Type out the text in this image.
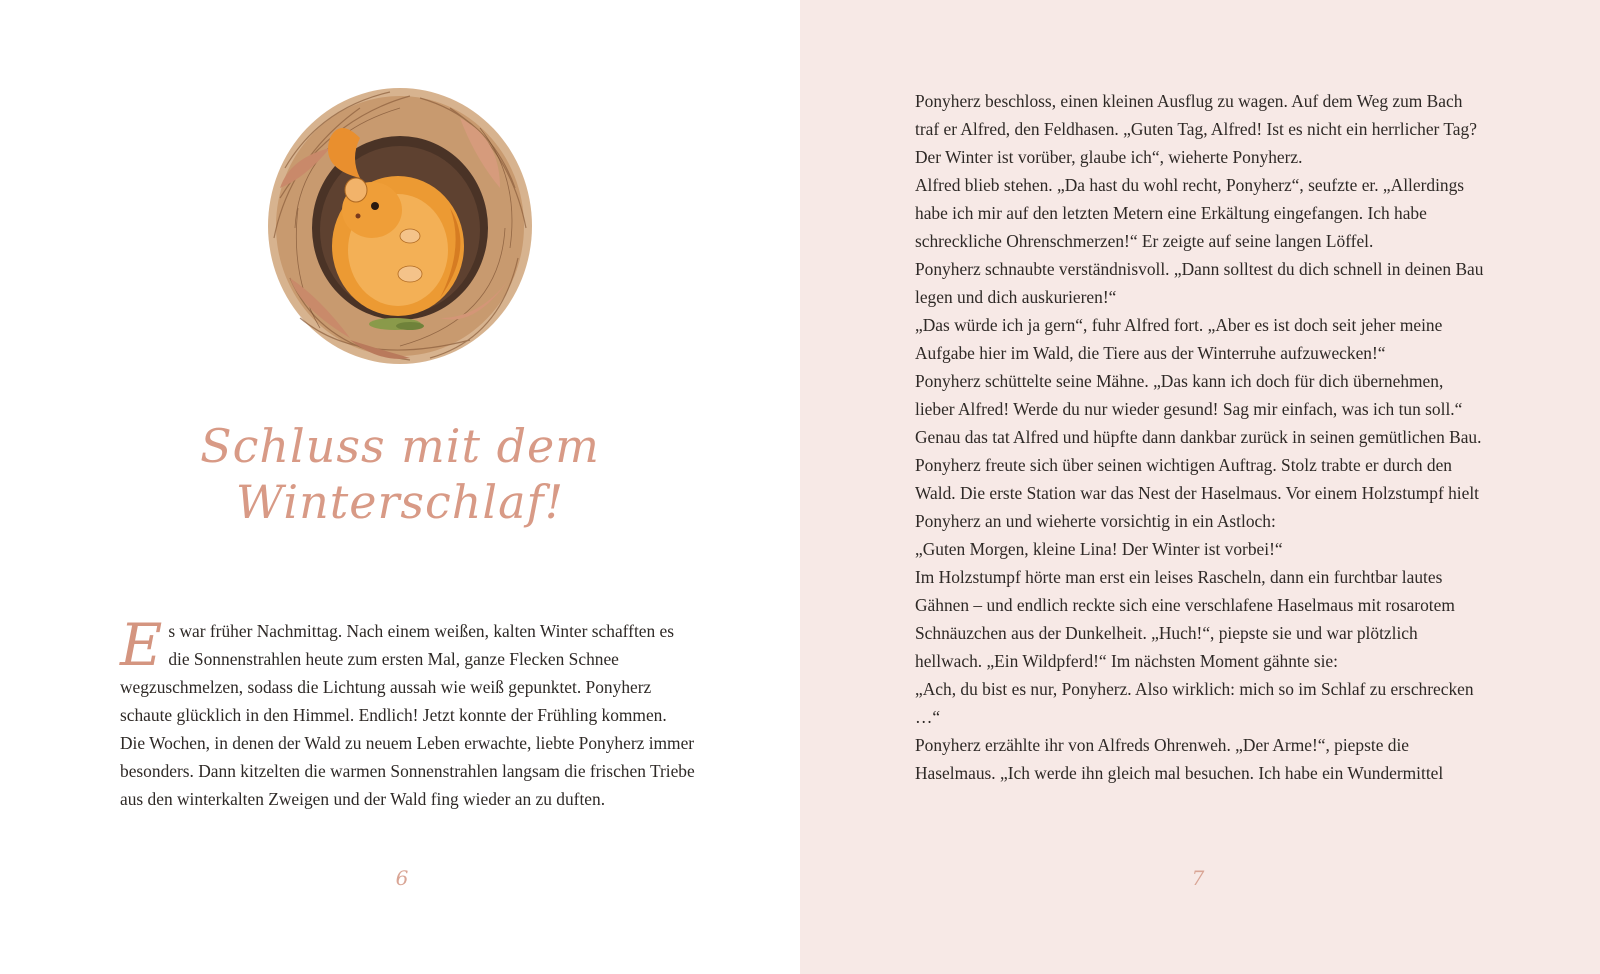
Schluss mit dem
Winterschlaf!

Es war früher Nachmittag. Nach einem weißen, kalten Winter schafften es die Sonnenstrahlen heute zum ersten Mal, ganze Flecken Schnee wegzuschmelzen, sodass die Lichtung aussah wie weiß gepunktet. Ponyherz schaute glücklich in den Himmel. Endlich! Jetzt konnte der Frühling kommen. Die Wochen, in denen der Wald zu neuem Leben erwachte, liebte Ponyherz immer besonders. Dann kitzelten die warmen Sonnenstrahlen langsam die frischen Triebe aus den winterkalten Zweigen und der Wald fing wieder an zu duften.

6

Ponyherz beschloss, einen kleinen Ausflug zu wagen. Auf dem Weg zum Bach traf er Alfred, den Feldhasen. „Guten Tag, Alfred! Ist es nicht ein herrlicher Tag? Der Winter ist vorüber, glaube ich“, wieherte Ponyherz.

Alfred blieb stehen. „Da hast du wohl recht, Ponyherz“, seufzte er. „Allerdings habe ich mir auf den letzten Metern eine Erkältung eingefangen. Ich habe schreckliche Ohrenschmerzen!“ Er zeigte auf seine langen Löffel.

Ponyherz schnaubte verständnisvoll. „Dann solltest du dich schnell in deinen Bau legen und dich auskurieren!“

„Das würde ich ja gern“, fuhr Alfred fort. „Aber es ist doch seit jeher meine Aufgabe hier im Wald, die Tiere aus der Winterruhe aufzuwecken!“

Ponyherz schüttelte seine Mähne. „Das kann ich doch für dich übernehmen, lieber Alfred! Werde du nur wieder gesund! Sag mir einfach, was ich tun soll.“

Genau das tat Alfred und hüpfte dann dankbar zurück in seinen gemütlichen Bau.

Ponyherz freute sich über seinen wichtigen Auftrag. Stolz trabte er durch den Wald. Die erste Station war das Nest der Haselmaus. Vor einem Holzstumpf hielt Ponyherz an und wieherte vorsichtig in ein Astloch:

„Guten Morgen, kleine Lina! Der Winter ist vorbei!“

Im Holzstumpf hörte man erst ein leises Rascheln, dann ein furchtbar lautes Gähnen – und endlich reckte sich eine verschlafene Haselmaus mit rosarotem Schnäuzchen aus der Dunkelheit. „Huch!“, piepste sie und war plötzlich hellwach. „Ein Wildpferd!“ Im nächsten Moment gähnte sie:

„Ach, du bist es nur, Ponyherz. Also wirklich: mich so im Schlaf zu erschrecken …“

Ponyherz erzählte ihr von Alfreds Ohrenweh. „Der Arme!“, piepste die Haselmaus. „Ich werde ihn gleich mal besuchen. Ich habe ein Wundermittel

7
